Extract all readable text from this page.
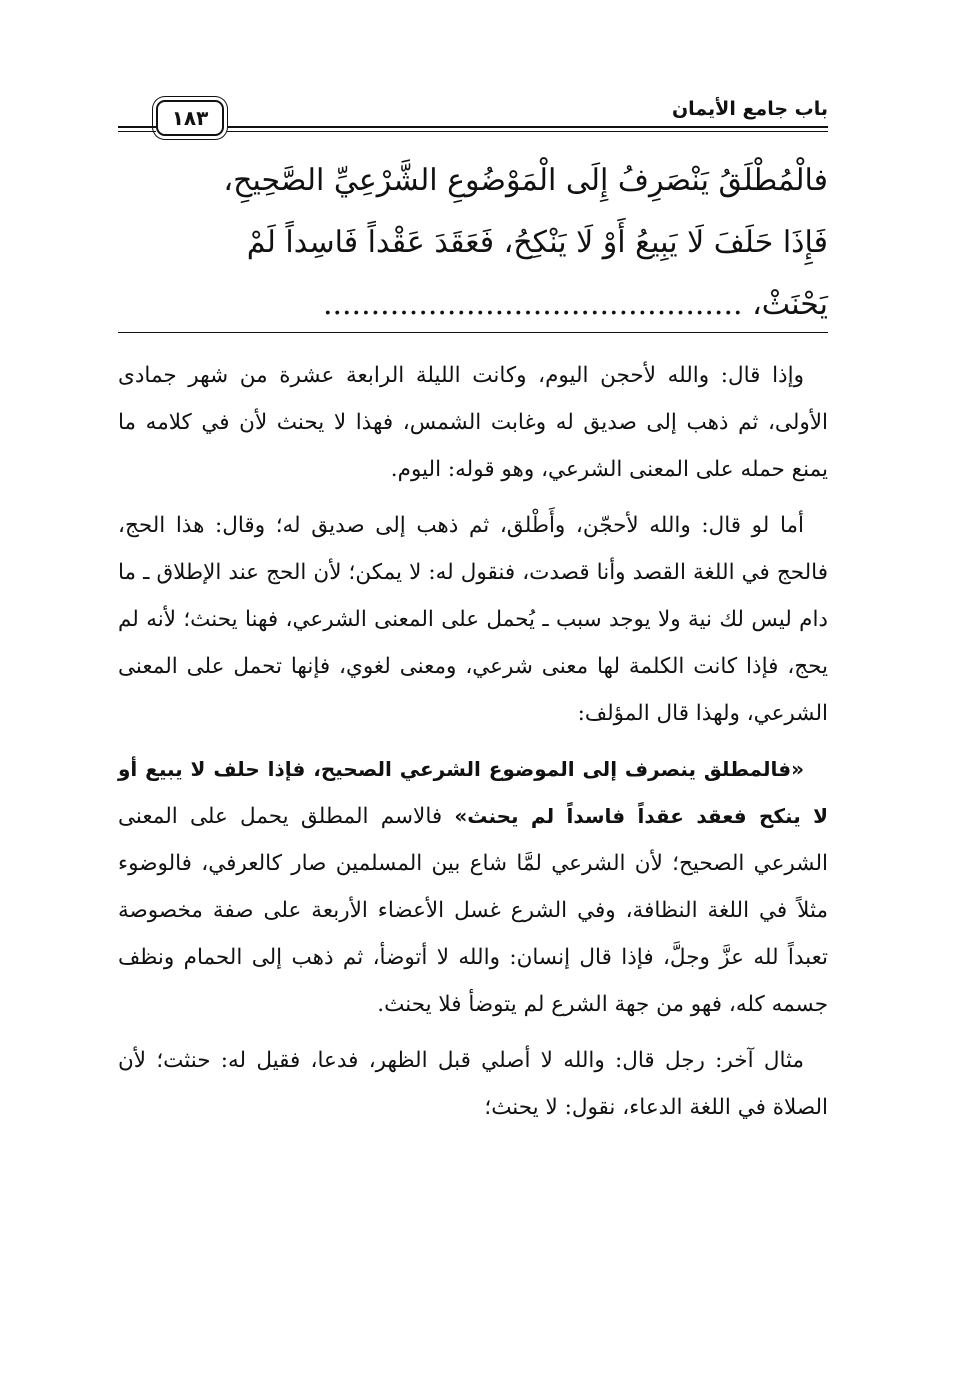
باب جامع الأيمان
١٨٣

فالْمُطْلَقُ يَنْصَرِفُ إِلَى الْمَوْضُوعِ الشَّرْعِيِّ الصَّحِيحِ،

فَإِذَا حَلَفَ لَا يَبِيعُ أَوْ لَا يَنْكِحُ، فَعَقَدَ عَقْداً فَاسِداً لَمْ

يَحْنَثْ، ............................................

وإذا قال: والله لأحجن اليوم، وكانت الليلة الرابعة عشرة من شهر جمادى الأولى، ثم ذهب إلى صديق له وغابت الشمس، فهذا لا يحنث لأن في كلامه ما يمنع حمله على المعنى الشرعي، وهو قوله: اليوم.

أما لو قال: والله لأحجّن، وأَطْلق، ثم ذهب إلى صديق له؛ وقال: هذا الحج، فالحج في اللغة القصد وأنا قصدت، فنقول له: لا يمكن؛ لأن الحج عند الإطلاق ـ ما دام ليس لك نية ولا يوجد سبب ـ يُحمل على المعنى الشرعي، فهنا يحنث؛ لأنه لم يحج، فإذا كانت الكلمة لها معنى شرعي، ومعنى لغوي، فإنها تحمل على المعنى الشرعي، ولهذا قال المؤلف:

«فالمطلق ينصرف إلى الموضوع الشرعي الصحيح، فإذا حلف لا يبيع أو لا ينكح فعقد عقداً فاسداً لم يحنث» فالاسم المطلق يحمل على المعنى الشرعي الصحيح؛ لأن الشرعي لمَّا شاع بين المسلمين صار كالعرفي، فالوضوء مثلاً في اللغة النظافة، وفي الشرع غسل الأعضاء الأربعة على صفة مخصوصة تعبداً لله عزَّ وجلَّ، فإذا قال إنسان: والله لا أتوضأ، ثم ذهب إلى الحمام ونظف جسمه كله، فهو من جهة الشرع لم يتوضأ فلا يحنث.

مثال آخر: رجل قال: والله لا أصلي قبل الظهر، فدعا، فقيل له: حنثت؛ لأن الصلاة في اللغة الدعاء، نقول: لا يحنث؛
